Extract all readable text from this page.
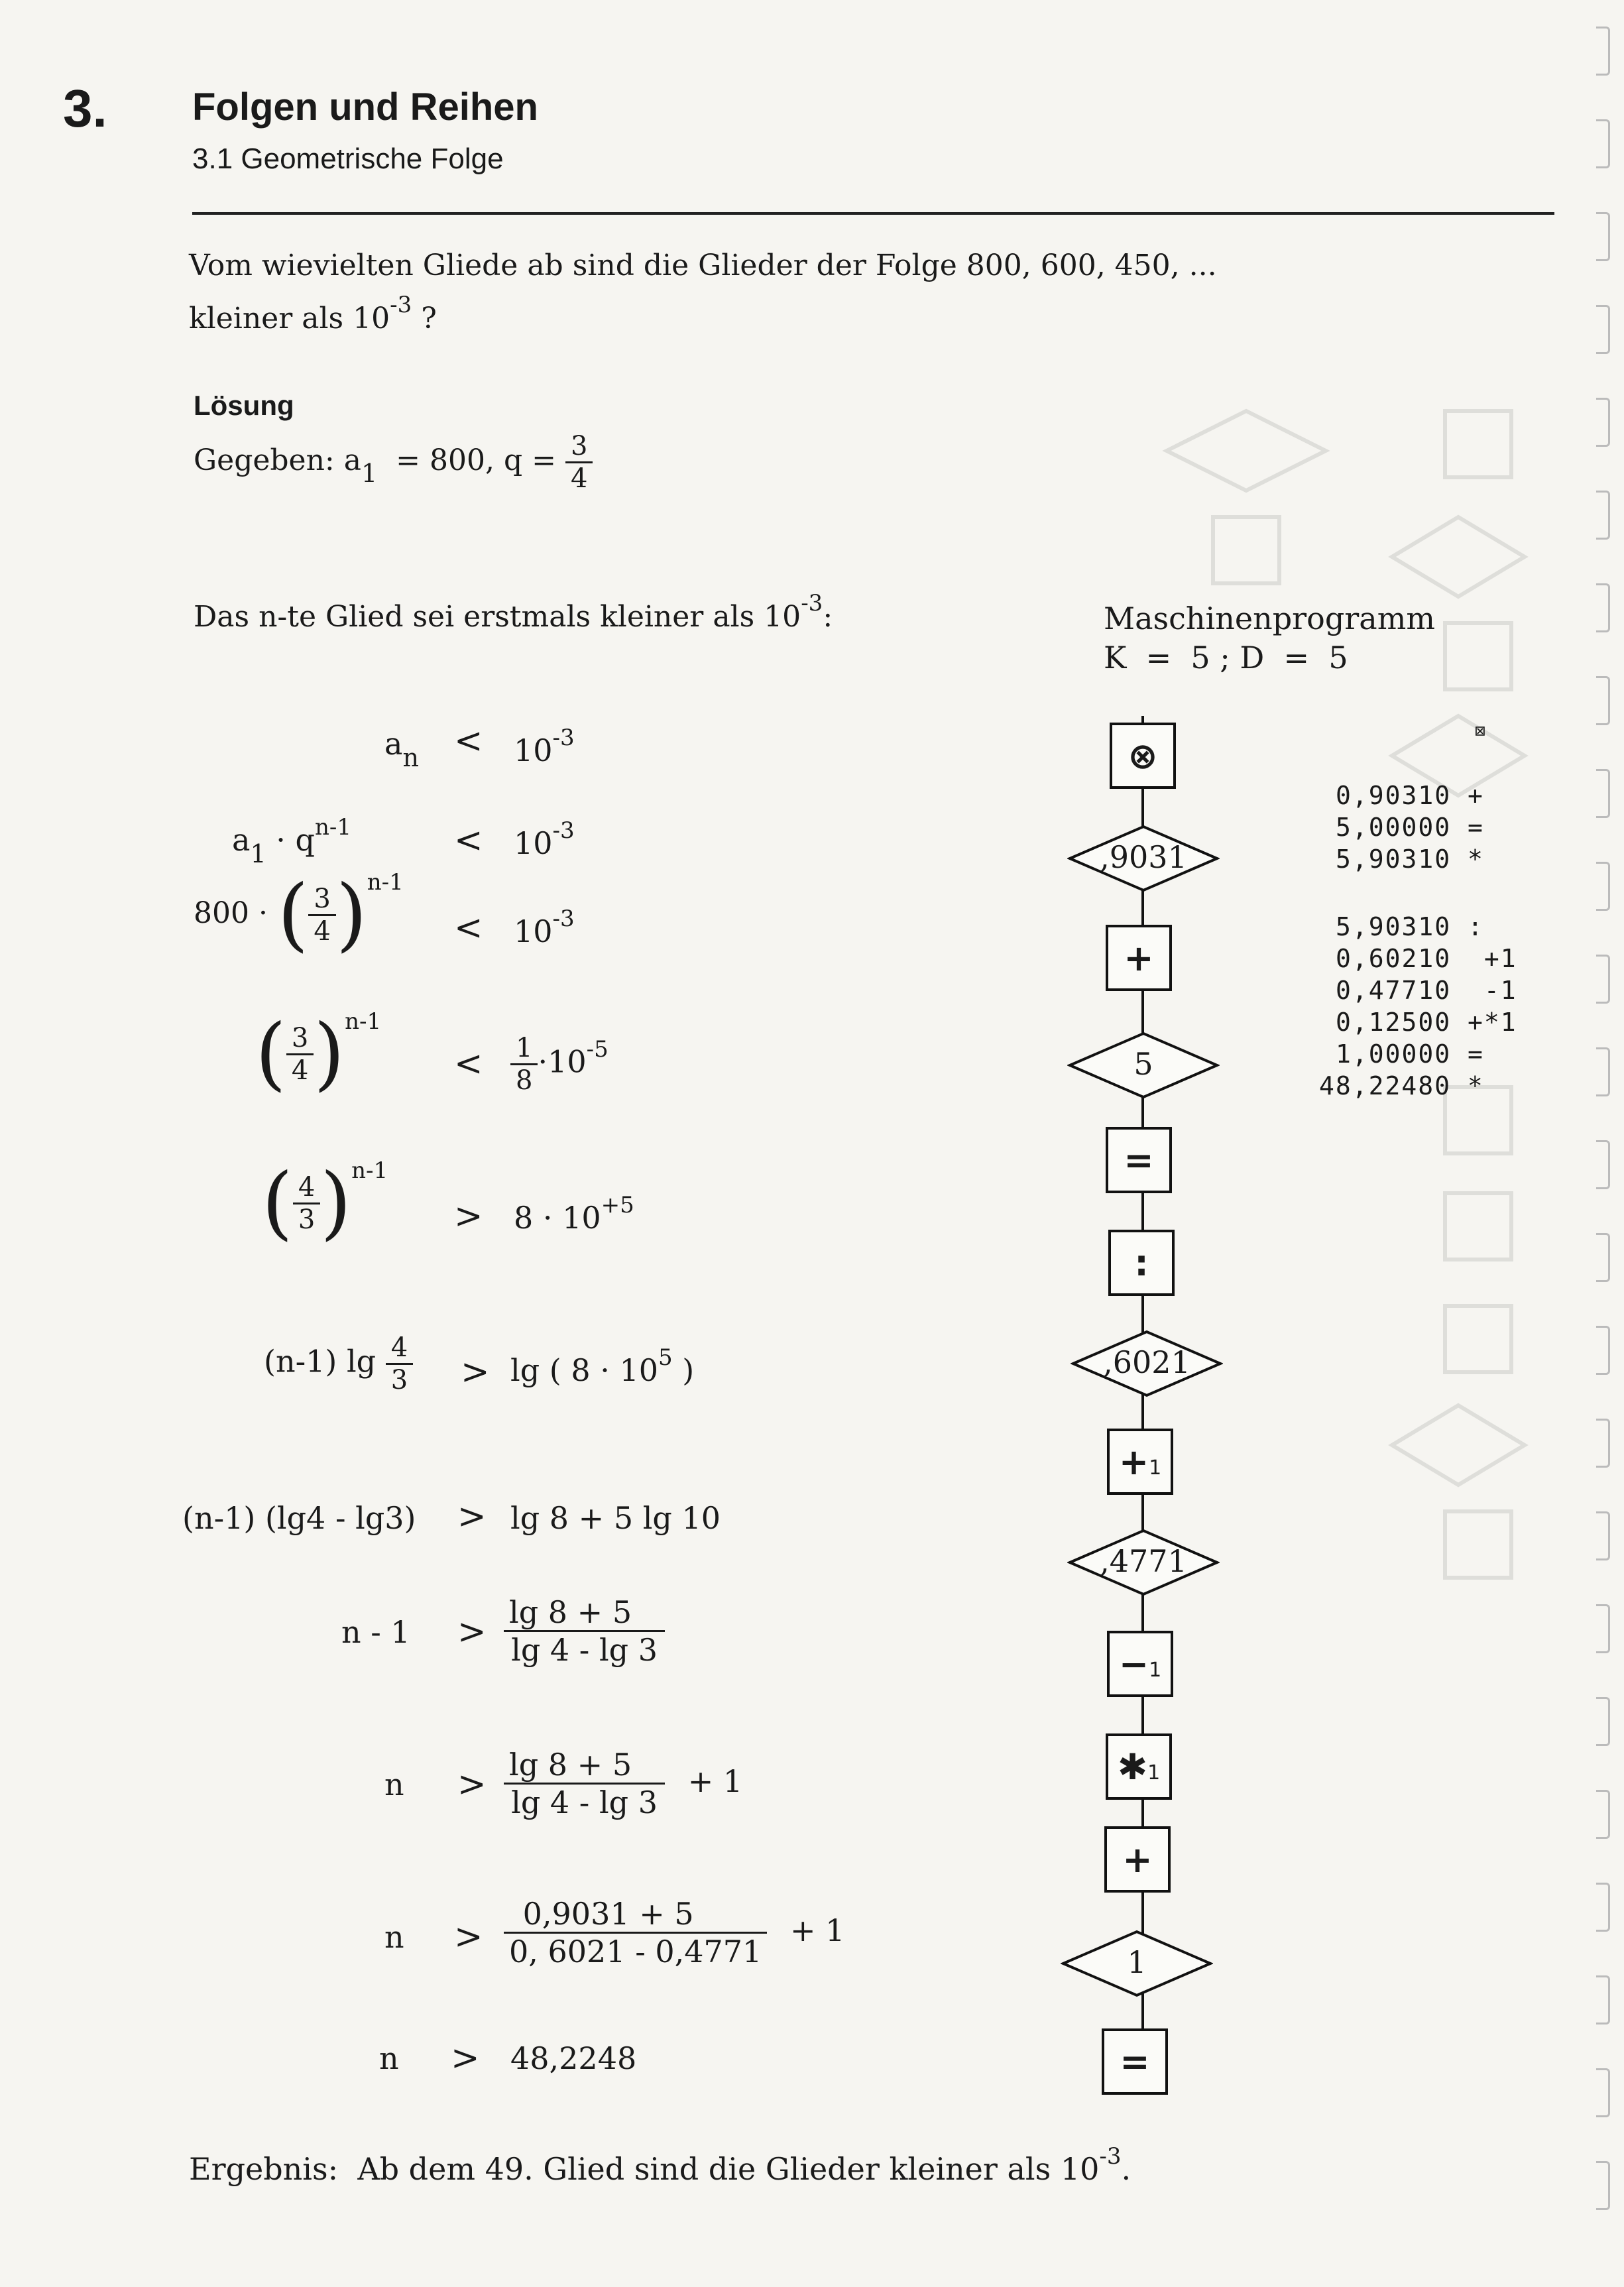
3. Folgen und Reihen
3.1 Geometrische Folge
Vom wievielten Gliede ab sind die Glieder der Folge 800, 600, 450, ...
kleiner als $10^{-3}$ ?
Lösung
Gegeben: a1 = 800, $q = \frac{3}{4}$
Das n-te Glied sei erstmals kleiner als $10^{-3}$:
$a_n < 10^{-3}$
$a_1 \cdot q^{n-1}$	< $10^{-3}$
800 · ( $\frac{3}{4} )^{n-1}$
< $10^{-3}$
( $\frac{3}{4} )^{n-1}$
< $\frac{1}{8} \cdot 10^{-5}$
( $\frac{4}{3} )^{n-1}$
> $8 \cdot 10^{+5}$
(n-1) $\lg \frac{4}{3} > \lg$ ( $8 \cdot 10^5$ )
(n-1) (lg4 - lg3) > lg 8 + 5 lg 10
$n - 1 > \frac{\lg 8 + 5}{\lg 4 - \lg 3}$
$n > \frac{\lg 8 + 5}{\lg 4 - \lg 3} + 1$
$n > \frac{0,9031 + 5}{0, 6021 - 0,4771} + 1$
n > 48,2248
Ergebnis: Ab dem 49. Glied sind die Glieder kleiner als $10^{-3}$.
Maschinenprogramm
K  =  5 ; D  =  5
⊗
,9031
+
5
=
:
,6021
+ 1
,4771
− 1
✱ 1
+
1
=
⊠
0,90310 +
5,00000 =
5,90310 *
5,90310 :
0,60210  +1
0,47710  -1
0,12500 +*1
1,00000 =
48,22480 *
